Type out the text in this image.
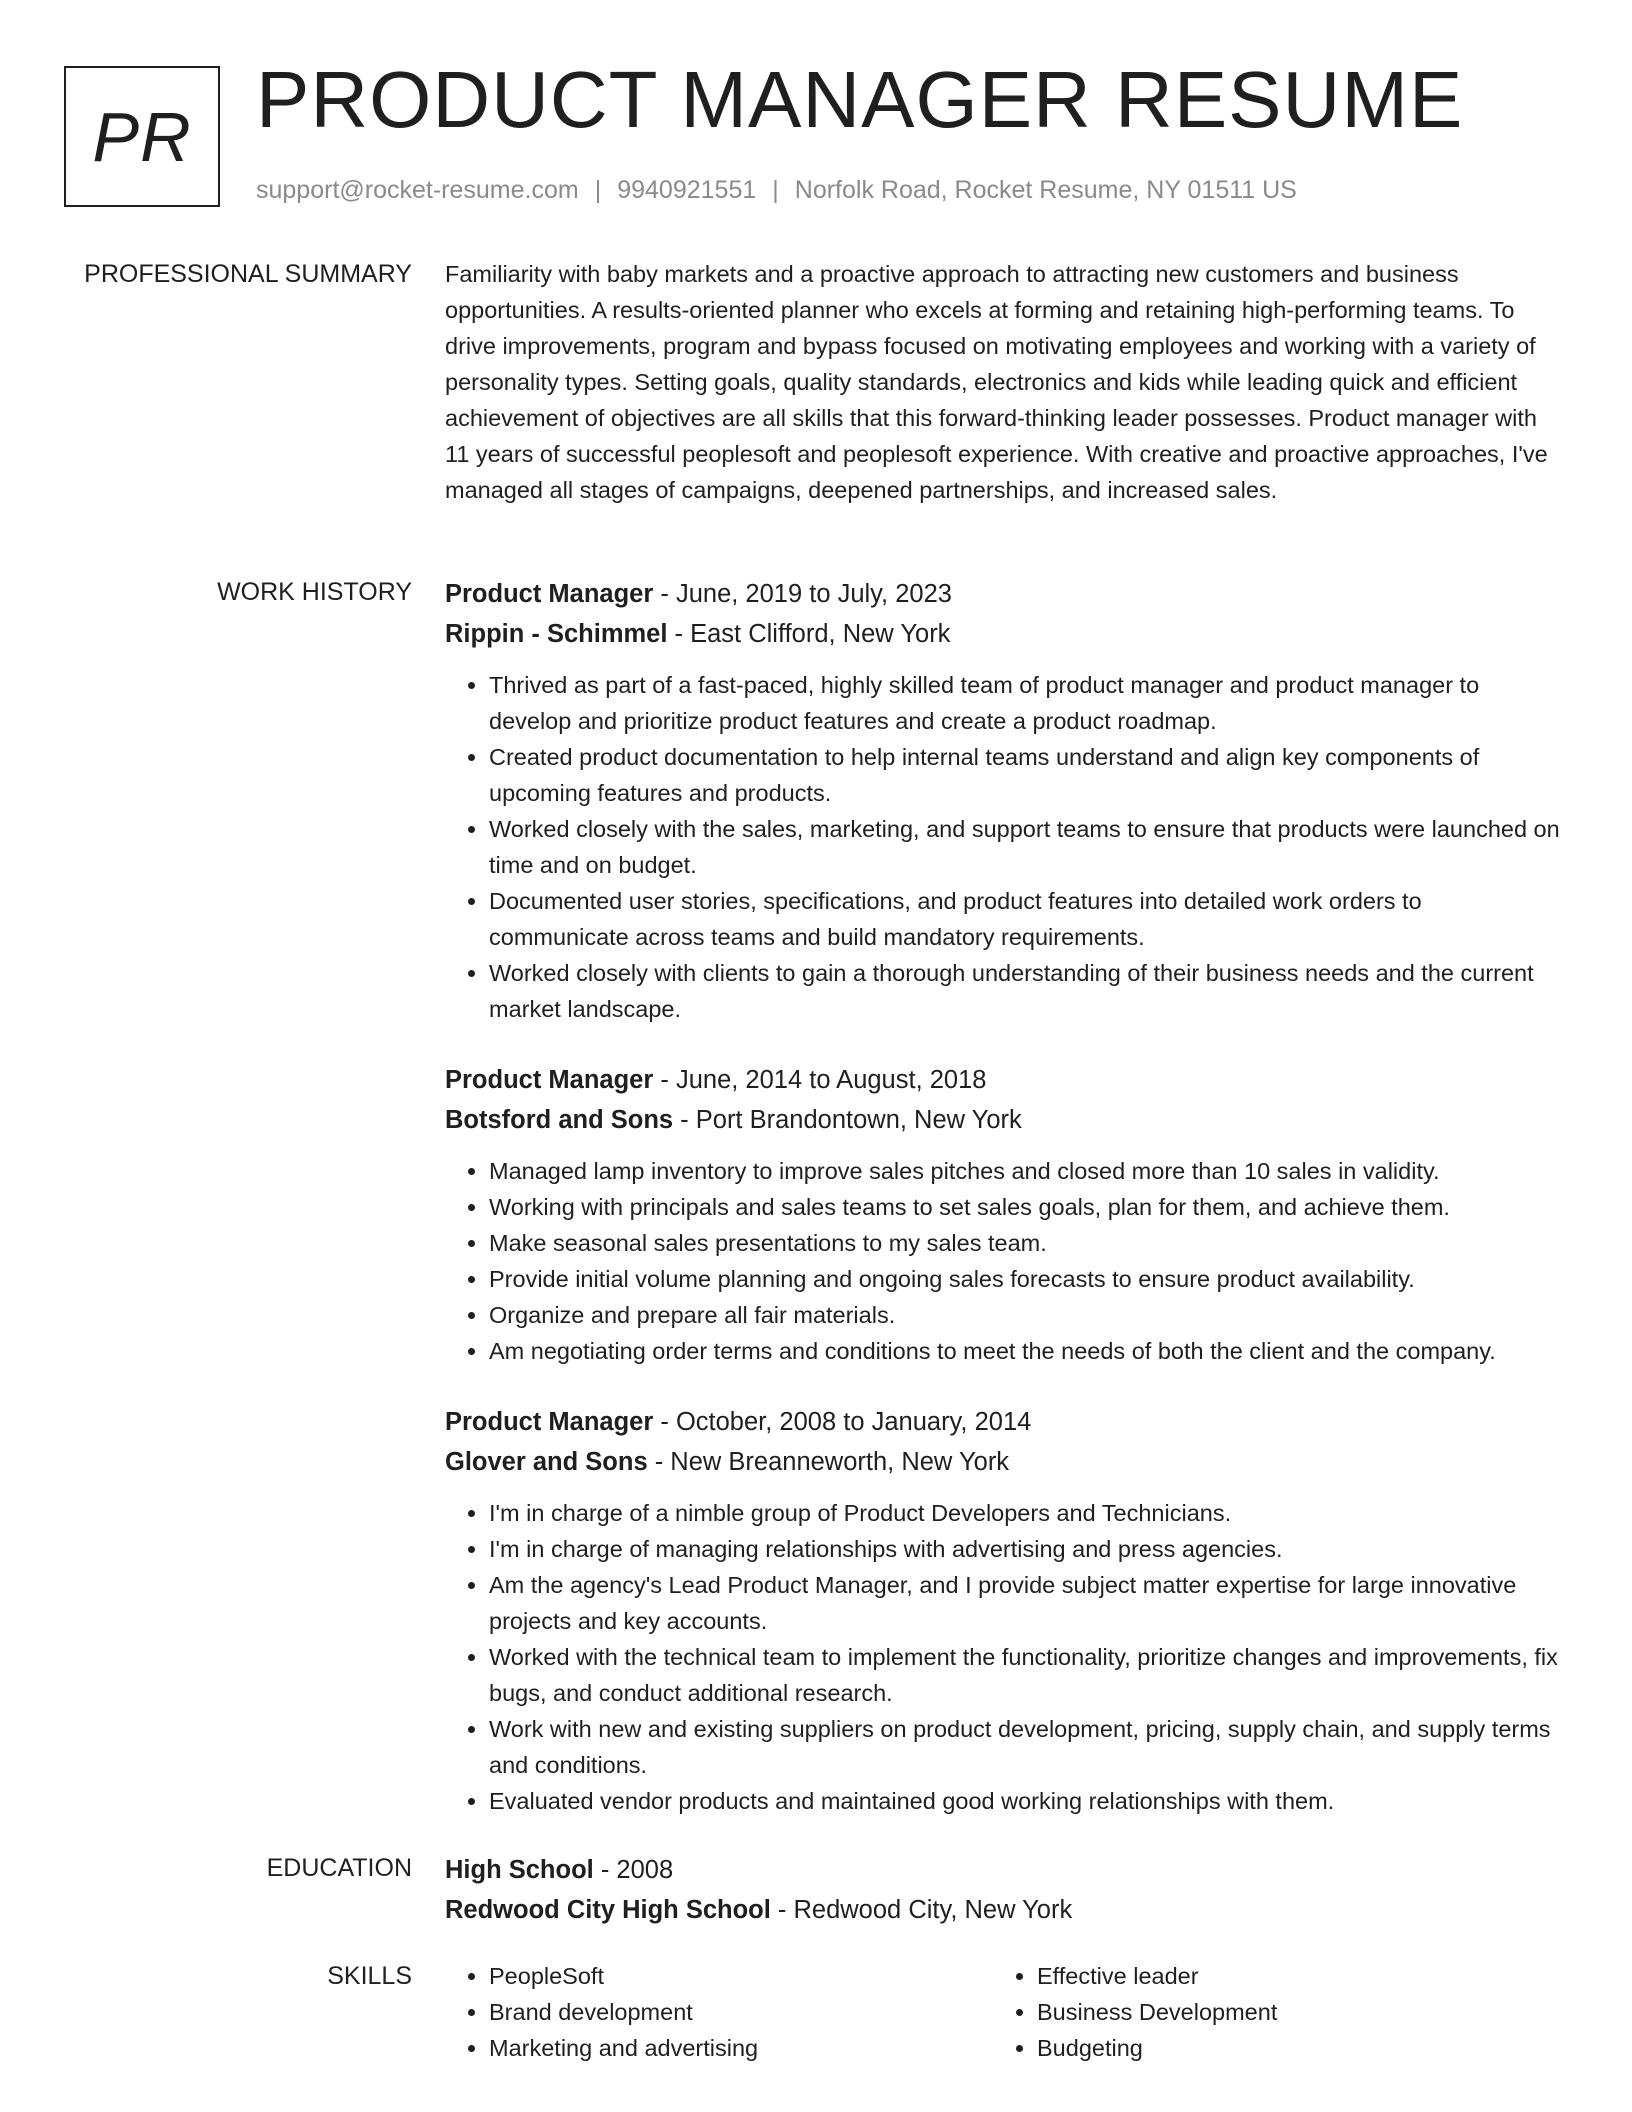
PR PRODUCT MANAGER RESUME
support@rocket-resume.com | 9940921551 | Norfolk Road, Rocket Resume, NY 01511 US
PROFESSIONAL SUMMARY Familiarity with baby markets and a proactive approach to attracting new customers and business opportunities. A results-oriented planner who excels at forming and retaining high-performing teams. To drive improvements, program and bypass focused on motivating employees and working with a variety of personality types. Setting goals, quality standards, electronics and kids while leading quick and efficient achievement of objectives are all skills that this forward-thinking leader possesses. Product manager with 11 years of successful peoplesoft and peoplesoft experience. With creative and proactive approaches, I've managed all stages of campaigns, deepened partnerships, and increased sales.

WORK HISTORY Product Manager - June, 2019 to July, 2023
Rippin - Schimmel - East Clifford, New York
• Thrived as part of a fast-paced, highly skilled team of product manager and product manager to develop and prioritize product features and create a product roadmap.
• Created product documentation to help internal teams understand and align key components of upcoming features and products.
• Worked closely with the sales, marketing, and support teams to ensure that products were launched on time and on budget.
• Documented user stories, specifications, and product features into detailed work orders to communicate across teams and build mandatory requirements.
• Worked closely with clients to gain a thorough understanding of their business needs and the current market landscape.
Product Manager - June, 2014 to August, 2018
Botsford and Sons - Port Brandontown, New York
• Managed lamp inventory to improve sales pitches and closed more than 10 sales in validity.
• Working with principals and sales teams to set sales goals, plan for them, and achieve them.
• Make seasonal sales presentations to my sales team.
• Provide initial volume planning and ongoing sales forecasts to ensure product availability.
• Organize and prepare all fair materials.
• Am negotiating order terms and conditions to meet the needs of both the client and the company.
Product Manager - October, 2008 to January, 2014
Glover and Sons - New Breanneworth, New York
• I'm in charge of a nimble group of Product Developers and Technicians.
• I'm in charge of managing relationships with advertising and press agencies.
• Am the agency's Lead Product Manager, and I provide subject matter expertise for large innovative projects and key accounts.
• Worked with the technical team to implement the functionality, prioritize changes and improvements, fix bugs, and conduct additional research.
• Work with new and existing suppliers on product development, pricing, supply chain, and supply terms and conditions.
• Evaluated vendor products and maintained good working relationships with them.
EDUCATION High School - 2008
Redwood City High School - Redwood City, New York
SKILLS
•	PeopleSoft
• Brand development
• Marketing and advertising
• Effective leader
• Business Development
• Budgeting
